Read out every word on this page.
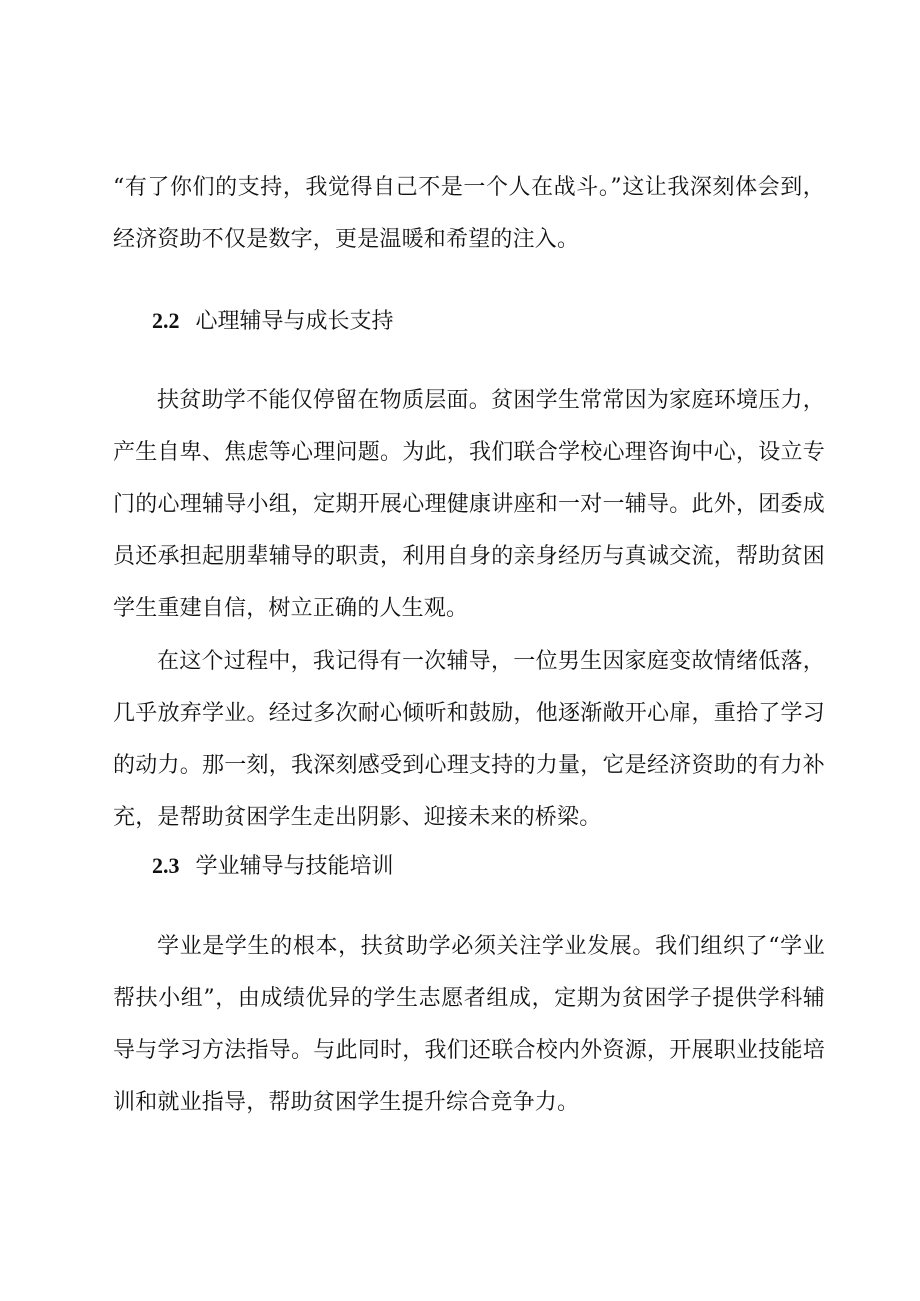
“有了你们的支持，我觉得自己不是一个人在战斗。”这让我深刻体会到，经济资助不仅是数字，更是温暖和希望的注入。

2.2 心理辅导与成长支持

扶贫助学不能仅停留在物质层面。贫困学生常常因为家庭环境压力，产生自卑、焦虑等心理问题。为此，我们联合学校心理咨询中心，设立专门的心理辅导小组，定期开展心理健康讲座和一对一辅导。此外，团委成员还承担起朋辈辅导的职责，利用自身的亲身经历与真诚交流，帮助贫困学生重建自信，树立正确的人生观。

在这个过程中，我记得有一次辅导，一位男生因家庭变故情绪低落，几乎放弃学业。经过多次耐心倾听和鼓励，他逐渐敞开心扉，重拾了学习的动力。那一刻，我深刻感受到心理支持的力量，它是经济资助的有力补充，是帮助贫困学生走出阴影、迎接未来的桥梁。

2.3 学业辅导与技能培训

学业是学生的根本，扶贫助学必须关注学业发展。我们组织了“学业帮扶小组”，由成绩优异的学生志愿者组成，定期为贫困学子提供学科辅导与学习方法指导。与此同时，我们还联合校内外资源，开展职业技能培训和就业指导，帮助贫困学生提升综合竞争力。
